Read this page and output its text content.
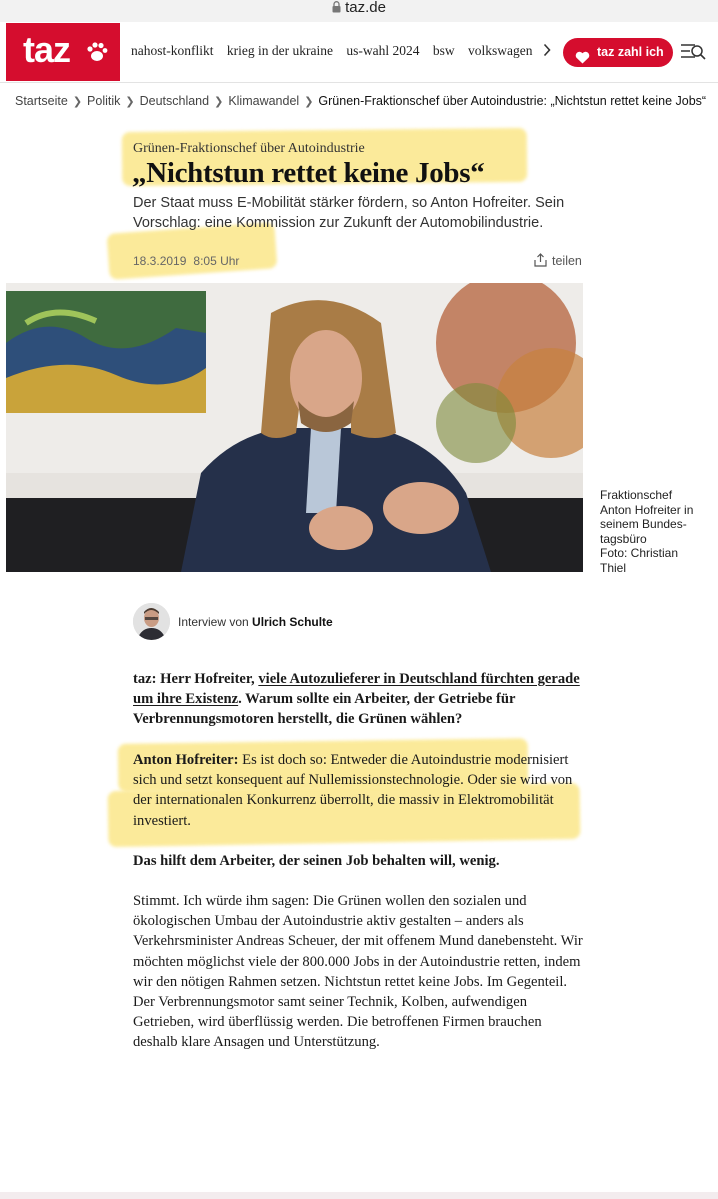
taz.de
taz	nahost-konflikt krieg in der ukraine us-wahl 2024 bsw volkswagen	taz zahl ich
Startseite ❯ Politik ❯ Deutschland ❯ Klimawandel ❯ Grünen-Fraktionschef über Autoindustrie: „Nichtstun rettet keine Jobs“
Grünen-Fraktionschef über Autoindustrie
„Nichtstun rettet keine Jobs“
Der Staat muss E-Mobilität stärker fördern, so Anton Hofreiter. Sein Vorschlag: eine Kommission zur Zukunft der Automobilindustrie.
18.3.2019 8:05 Uhr	teilen
Fraktionschef
Anton Hofreiter in
seinem Bundes-
tagsbüro
Foto: Christian
Thiel
Interview von Ulrich Schulte
taz: Herr Hofreiter, viele Autozulieferer in Deutschland fürchten gerade um ihre Existenz. Warum sollte ein Arbeiter, der Getriebe für Verbrennungsmotoren herstellt, die Grünen wählen?
Anton Hofreiter: Es ist doch so: Entweder die Autoindustrie modernisiert sich und setzt konsequent auf Nullemissionstechnologie. Oder sie wird von der internationalen Konkurrenz überrollt, die massiv in Elektromobilität investiert.
Das hilft dem Arbeiter, der seinen Job behalten will, wenig.
Stimmt. Ich würde ihm sagen: Die Grünen wollen den sozialen und ökologischen Umbau der Autoindustrie aktiv gestalten – anders als Verkehrsminister Andreas Scheuer, der mit offenem Mund danebensteht. Wir möchten möglichst viele der 800.000 Jobs in der Autoindustrie retten, indem wir den nötigen Rahmen setzen. Nichtstun rettet keine Jobs. Im Gegenteil. Der Verbrennungsmotor samt seiner Technik, Kolben, aufwendigen Getrieben, wird überflüssig werden. Die betroffenen Firmen brauchen deshalb klare Ansagen und Unterstützung.
